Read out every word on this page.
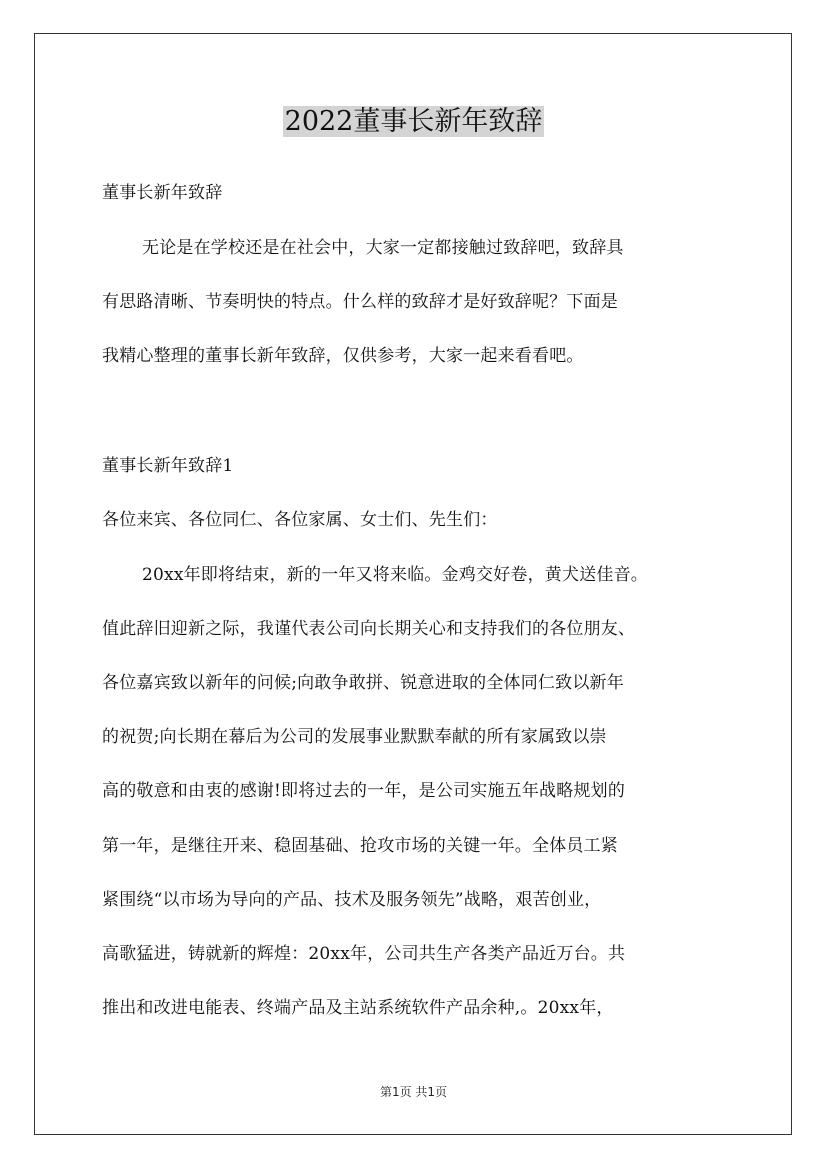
2022董事长新年致辞
董事长新年致辞
无论是在学校还是在社会中，大家一定都接触过致辞吧，致辞具
有思路清晰、节奏明快的特点。什么样的致辞才是好致辞呢？下面是
我精心整理的董事长新年致辞，仅供参考，大家一起来看看吧。
董事长新年致辞1
各位来宾、各位同仁、各位家属、女士们、先生们：
20xx年即将结束，新的一年又将来临。金鸡交好卷，黄犬送佳音。
值此辞旧迎新之际，我谨代表公司向长期关心和支持我们的各位朋友、
各位嘉宾致以新年的问候;向敢争敢拼、锐意进取的全体同仁致以新年
的祝贺;向长期在幕后为公司的发展事业默默奉献的所有家属致以崇
高的敬意和由衷的感谢!即将过去的一年，是公司实施五年战略规划的
第一年，是继往开来、稳固基础、抢攻市场的关键一年。全体员工紧
紧围绕“以市场为导向的产品、技术及服务领先”战略，艰苦创业，
高歌猛进，铸就新的辉煌：20xx年，公司共生产各类产品近万台。共
推出和改进电能表、终端产品及主站系统软件产品余种,。20xx年，
第1页 共1页
